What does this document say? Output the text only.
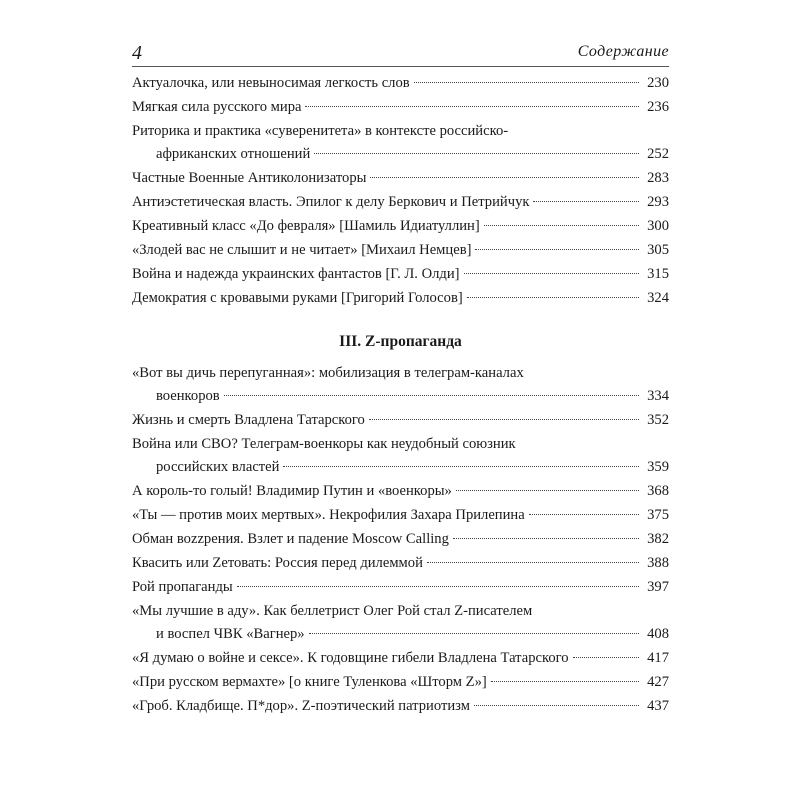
4	Содержание
Актуалочка, или невыносимая легкость слов	230
Мягкая сила русского мира	236
Риторика и практика «суверенитета» в контексте российско-
африканских отношений	252
Частные Военные Антиколонизаторы	283
Антиэстетическая власть. Эпилог к делу Беркович и Петрийчук	293
Креативный класс «До февраля» [Шамиль Идиатуллин]	300
«Злодей вас не слышит и не читает» [Михаил Немцев]	305
Война и надежда украинских фантастов [Г. Л. Олди]	315
Демократия с кровавыми руками [Григорий Голосов]	324
III. Z-пропаганда
«Вот вы дичь перепуганная»: мобилизация в телеграм-каналах
военкоров	334
Жизнь и смерть Владлена Татарского	352
Война или СВО? Телеграм-военкоры как неудобный союзник
российских властей	359
А король-то голый! Владимир Путин и «военкоры»	368
«Ты — против моих мертвых». Некрофилия Захара Прилепина	375
Обман воzzрения. Взлет и падение Moscow Calling	382
Квасить или Zетовать: Россия перед дилеммой	388
Рой пропаганды	397
«Мы лучшие в аду». Как беллетрист Олег Рой стал Z-писателем
и воспел ЧВК «Вагнер»	408
«Я думаю о войне и сексе». К годовщине гибели Владлена Татарского	417
«При русском вермахте» [о книге Туленкова «Шторм Z»]	427
«Гроб. Кладбище. П*дор». Z-поэтический патриотизм	437
